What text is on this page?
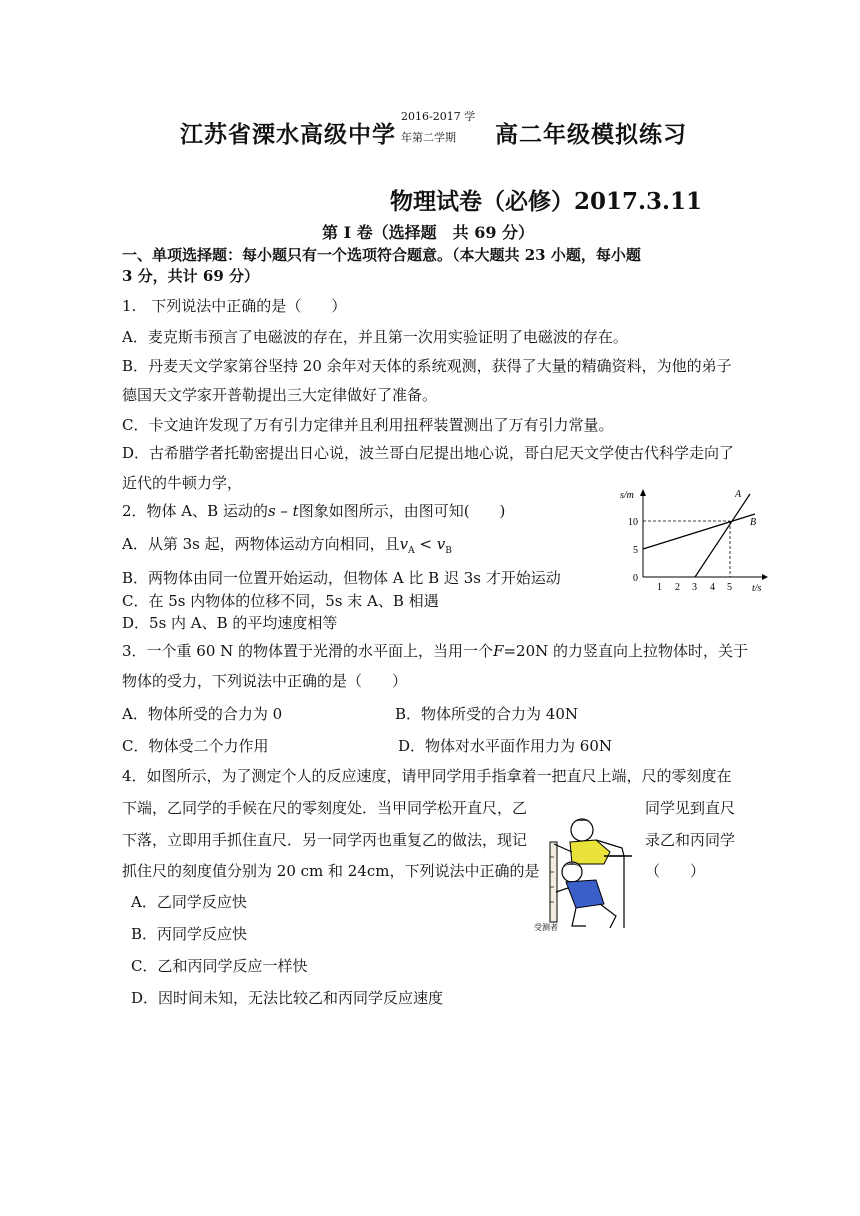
江苏省溧水高级中学
2016-2017 学
年第二学期 高二年级模拟练习
物理试卷（必修）2017.3.11
第 I 卷（选择题　共 69 分）
一、单项选择题：每小题只有一个选项符合题意。（本大题共 23 小题，每小题
3 分，共计 69 分）
1.　下列说法中正确的是（　　）
A．麦克斯韦预言了电磁波的存在，并且第一次用实验证明了电磁波的存在。
B．丹麦天文学家第谷坚持 20 余年对天体的系统观测，获得了大量的精确资料，为他的弟子
德国天文学家开普勒提出三大定律做好了准备。
C．卡文迪许发现了万有引力定律并且利用扭秤装置测出了万有引力常量。
D．古希腊学者托勒密提出日心说，波兰哥白尼提出地心说，哥白尼天文学使古代科学走向了
近代的牛顿力学，
2．物体 A、B 运动的s – t图象如图所示，由图可知(　　)
A．从第 3s 起，两物体运动方向相同，且$v_A < v_B$
B．两物体由同一位置开始运动，但物体 A 比 B 迟 3s 才开始运动
C．在 5s 内物体的位移不同，5s 末 A、B 相遇
D．5s 内 A、B 的平均速度相等
s/m
t/s
A
B
10
5
0
1 2 3 4 5
3．一个重 60 N 的物体置于光滑的水平面上，当用一个F=20N 的力竖直向上拉物体时，关于
物体的受力，下列说法中正确的是（　　）
A．物体所受的合力为 0	B．物体所受的合力为 40N
C．物体受二个力作用	D．物体对水平面作用力为 60N
4．如图所示，为了测定个人的反应速度，请甲同学用手指拿着一把直尺上端，尺的零刻度在
下端，乙同学的手候在尺的零刻度处．当甲同学松开直尺，乙	同学见到直尺
下落，立即用手抓住直尺．另一同学丙也重复乙的做法，现记	录乙和丙同学
抓住尺的刻度值分别为 20 cm 和 24cm，下列说法中正确的是	（　　）
受测者
A．乙同学反应快
B．丙同学反应快
C．乙和丙同学反应一样快
D．因时间未知，无法比较乙和丙同学反应速度
